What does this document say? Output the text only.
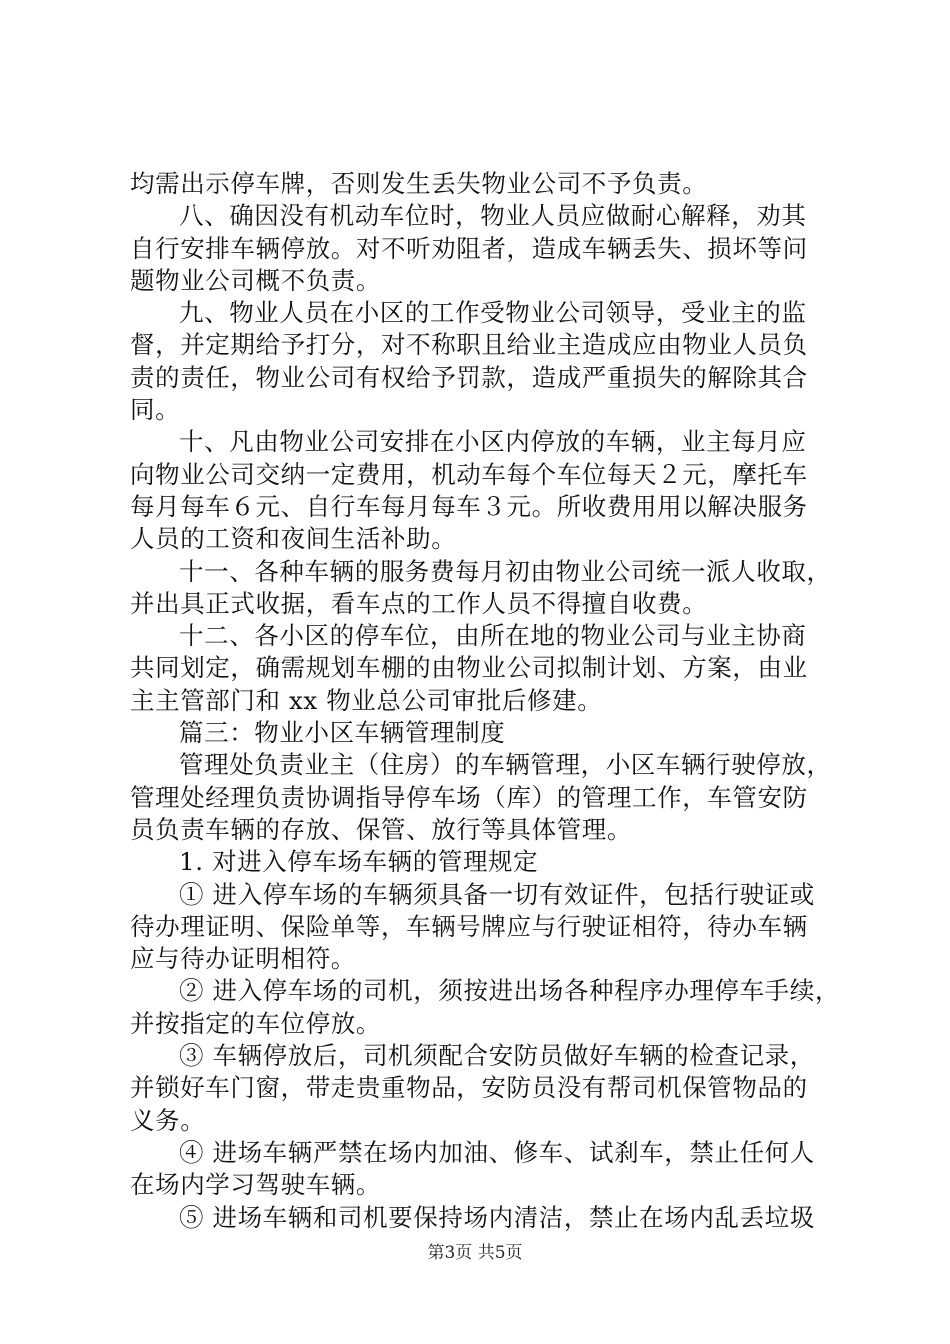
均需出示停车牌，否则发生丢失物业公司不予负责。
八、确因没有机动车位时，物业人员应做耐心解释，劝其
自行安排车辆停放。对不听劝阻者，造成车辆丢失、损坏等问
题物业公司概不负责。
九、物业人员在小区的工作受物业公司领导，受业主的监
督，并定期给予打分，对不称职且给业主造成应由物业人员负
责的责任，物业公司有权给予罚款，造成严重损失的解除其合
同。
十、凡由物业公司安排在小区内停放的车辆，业主每月应
向物业公司交纳一定费用，机动车每个车位每天２元，摩托车
每月每车６元、自行车每月每车３元。所收费用用以解决服务
人员的工资和夜间生活补助。
十一、各种车辆的服务费每月初由物业公司统一派人收取，
并出具正式收据，看车点的工作人员不得擅自收费。
十二、各小区的停车位，由所在地的物业公司与业主协商
共同划定，确需规划车棚的由物业公司拟制计划、方案，由业
主主管部门和 xx 物业总公司审批后修建。
篇三：物业小区车辆管理制度
管理处负责业主（住房）的车辆管理，小区车辆行驶停放，
管理处经理负责协调指导停车场（库）的管理工作，车管安防
员负责车辆的存放、保管、放行等具体管理。
1. 对进入停车场车辆的管理规定
① 进入停车场的车辆须具备一切有效证件，包括行驶证或
待办理证明、保险单等，车辆号牌应与行驶证相符，待办车辆
应与待办证明相符。
② 进入停车场的司机，须按进出场各种程序办理停车手续，
并按指定的车位停放。
③ 车辆停放后，司机须配合安防员做好车辆的检查记录，
并锁好车门窗，带走贵重物品，安防员没有帮司机保管物品的
义务。
④ 进场车辆严禁在场内加油、修车、试刹车，禁止任何人
在场内学习驾驶车辆。
⑤ 进场车辆和司机要保持场内清洁，禁止在场内乱丢垃圾
第3页 共5页
